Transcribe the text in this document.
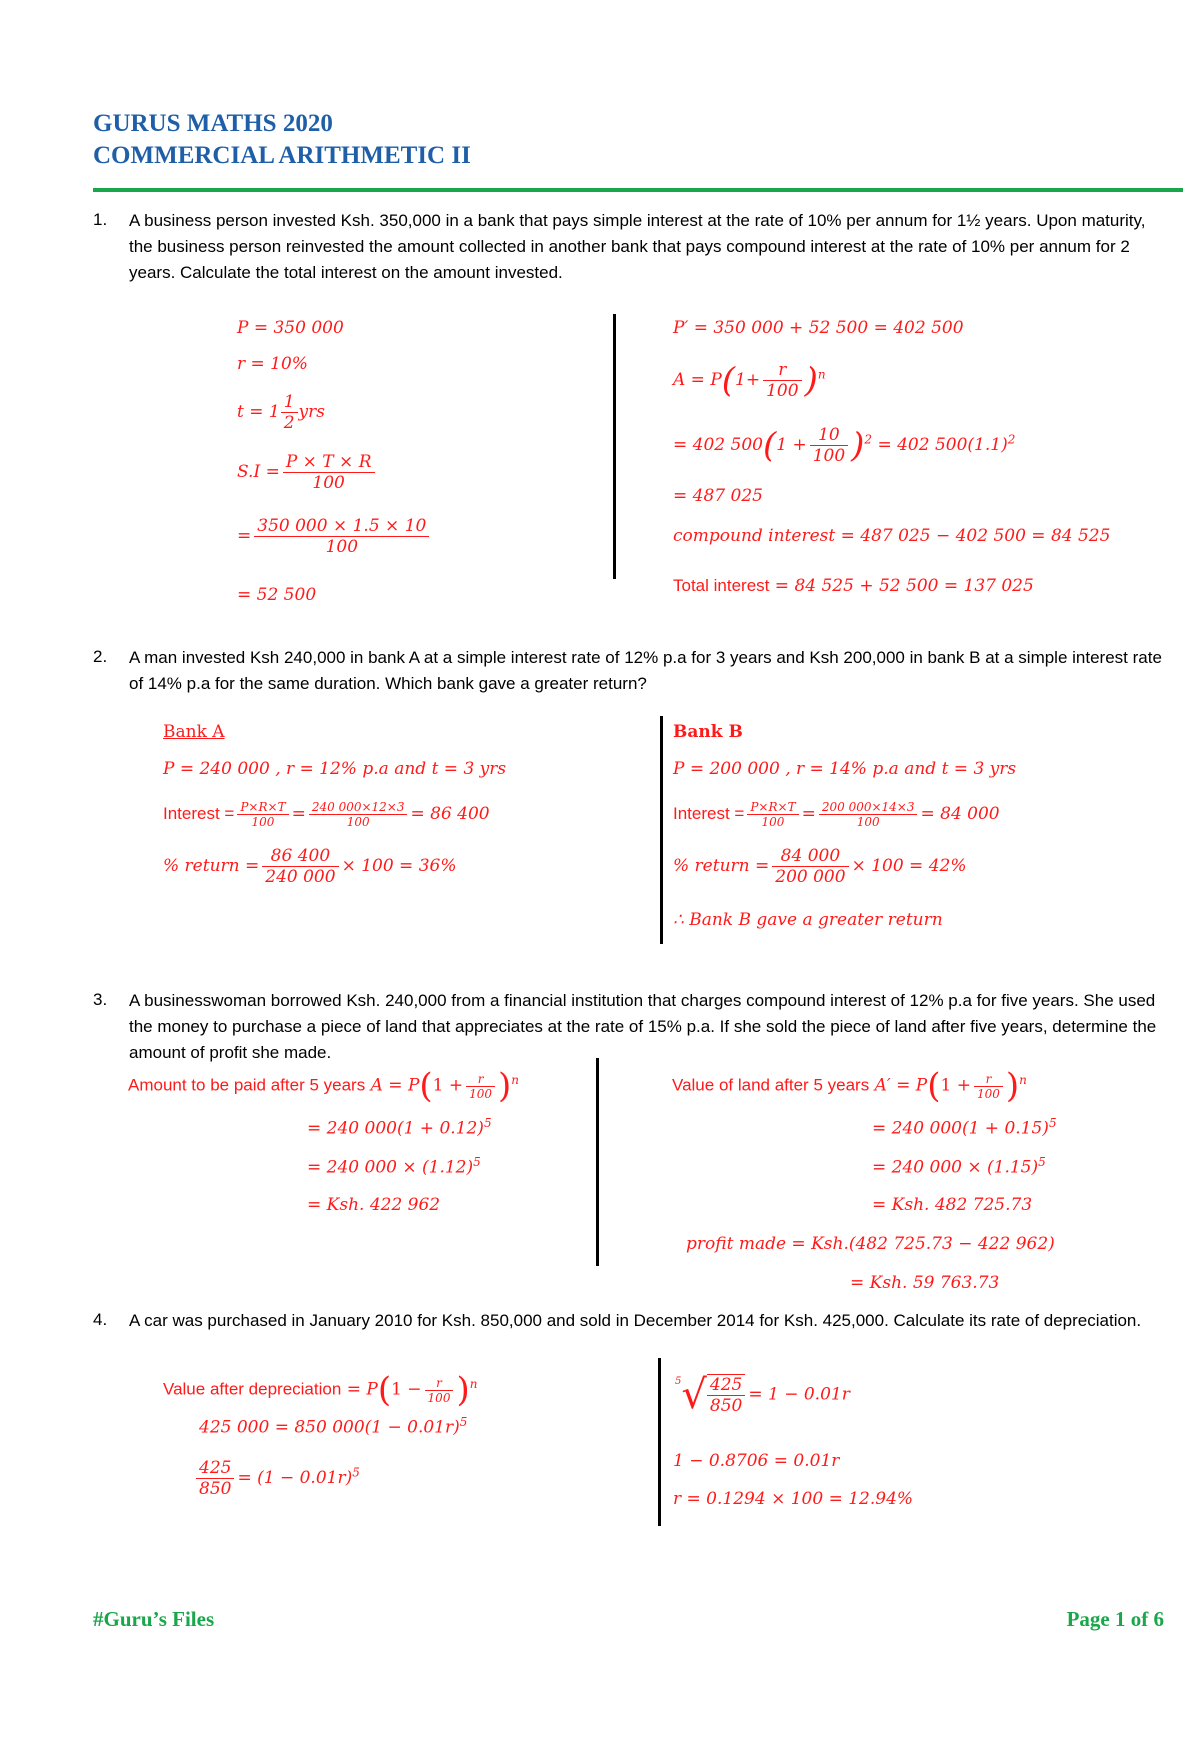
GURUS MATHS 2020
COMMERCIAL ARITHMETIC II
1. A business person invested Ksh. 350,000 in a bank that pays simple interest at the rate of 10% per annum for 1½ years. Upon maturity, the business person reinvested the amount collected in another bank that pays compound interest at the rate of 10% per annum for 2 years. Calculate the total interest on the amount invested.
P = 350 000
r = 10%
$t = 1 \frac{1}{2}$ yrs
$S.I = \frac{P \times T \times R}{100}$
= $\frac{350 000 \times 1.5 \times 10}{100}$
= 52 500
P′ = 350 000 + 52 500 = 402 500
$A = P(1+ \frac{r}{100} )^n$
= 402 $500(1 + \frac{10}{100} )^2 = 402$ $500(1.1)^2$
= 487 025
compound interest = 487 025 − 402 500 = 84 525
Total interest = 84 525 + 52 500 = 137 025
2. A man invested Ksh 240,000 in bank A at a simple interest rate of 12% p.a for 3 years and Ksh 200,000 in bank B at a simple interest rate of 14% p.a for the same duration. Which bank gave a greater return?
Bank A
P = 240 000 , r = 12% p.a and t = 3 yrs
Interest = $\frac{P\times R\times T}{100} = \frac{240 000\times 12\times 3}{100} = 86$ 400
% return = $\frac{86 400}{240 000} \times 100 = 36\%$
Bank B
P = 200 000 , r = 14% p.a and t = 3 yrs
Interest = $\frac{P\times R\times T}{100} = \frac{200 000\times 14\times 3}{100} = 84$ 000
% return = $\frac{84 000}{200 000} \times 100 = 42\%$
∴ Bank B gave a greater return
3. A businesswoman borrowed Ksh. 240,000 from a financial institution that charges compound interest of 12% p.a for five years. She used the money to purchase a piece of land that appreciates at the rate of 15% p.a. If she sold the piece of land after five years, determine the amount of profit she made.
Amount to be paid after 5 years $A = P(1 + \frac{r}{100} )^n$
= 240 $000(1 + 0.12)^5$
= 240 $000 \times (1.12)^5$
= Ksh. 422 962
Value of land after 5 years $A' = P(1 + \frac{r}{100} )^n$
= 240 $000(1 + 0.15)^5$
= 240 $000 \times (1.15)^5$
= Ksh. 482 725.73
profit made = Ksh.(482 725.73 − 422 962)
= Ksh. 59 763.73
4. A car was purchased in January 2010 for Ksh. 850,000 and sold in December 2014 for Ksh. 425,000. Calculate its rate of depreciation.
Value after depreciation = $P(1 - \frac{r}{100} )^n$
425 000 = 850 $000(1 - 0.01r)^5$
$\frac{425}{850} = (1 - 0.01r)^5$
$^5√ \frac{425}{850} = 1 - 0.01r$
1 − 0.8706 = 0.01r
r = 0.1294 × 100 = 12.94%
#Guru’s Files	Page 1 of 6
